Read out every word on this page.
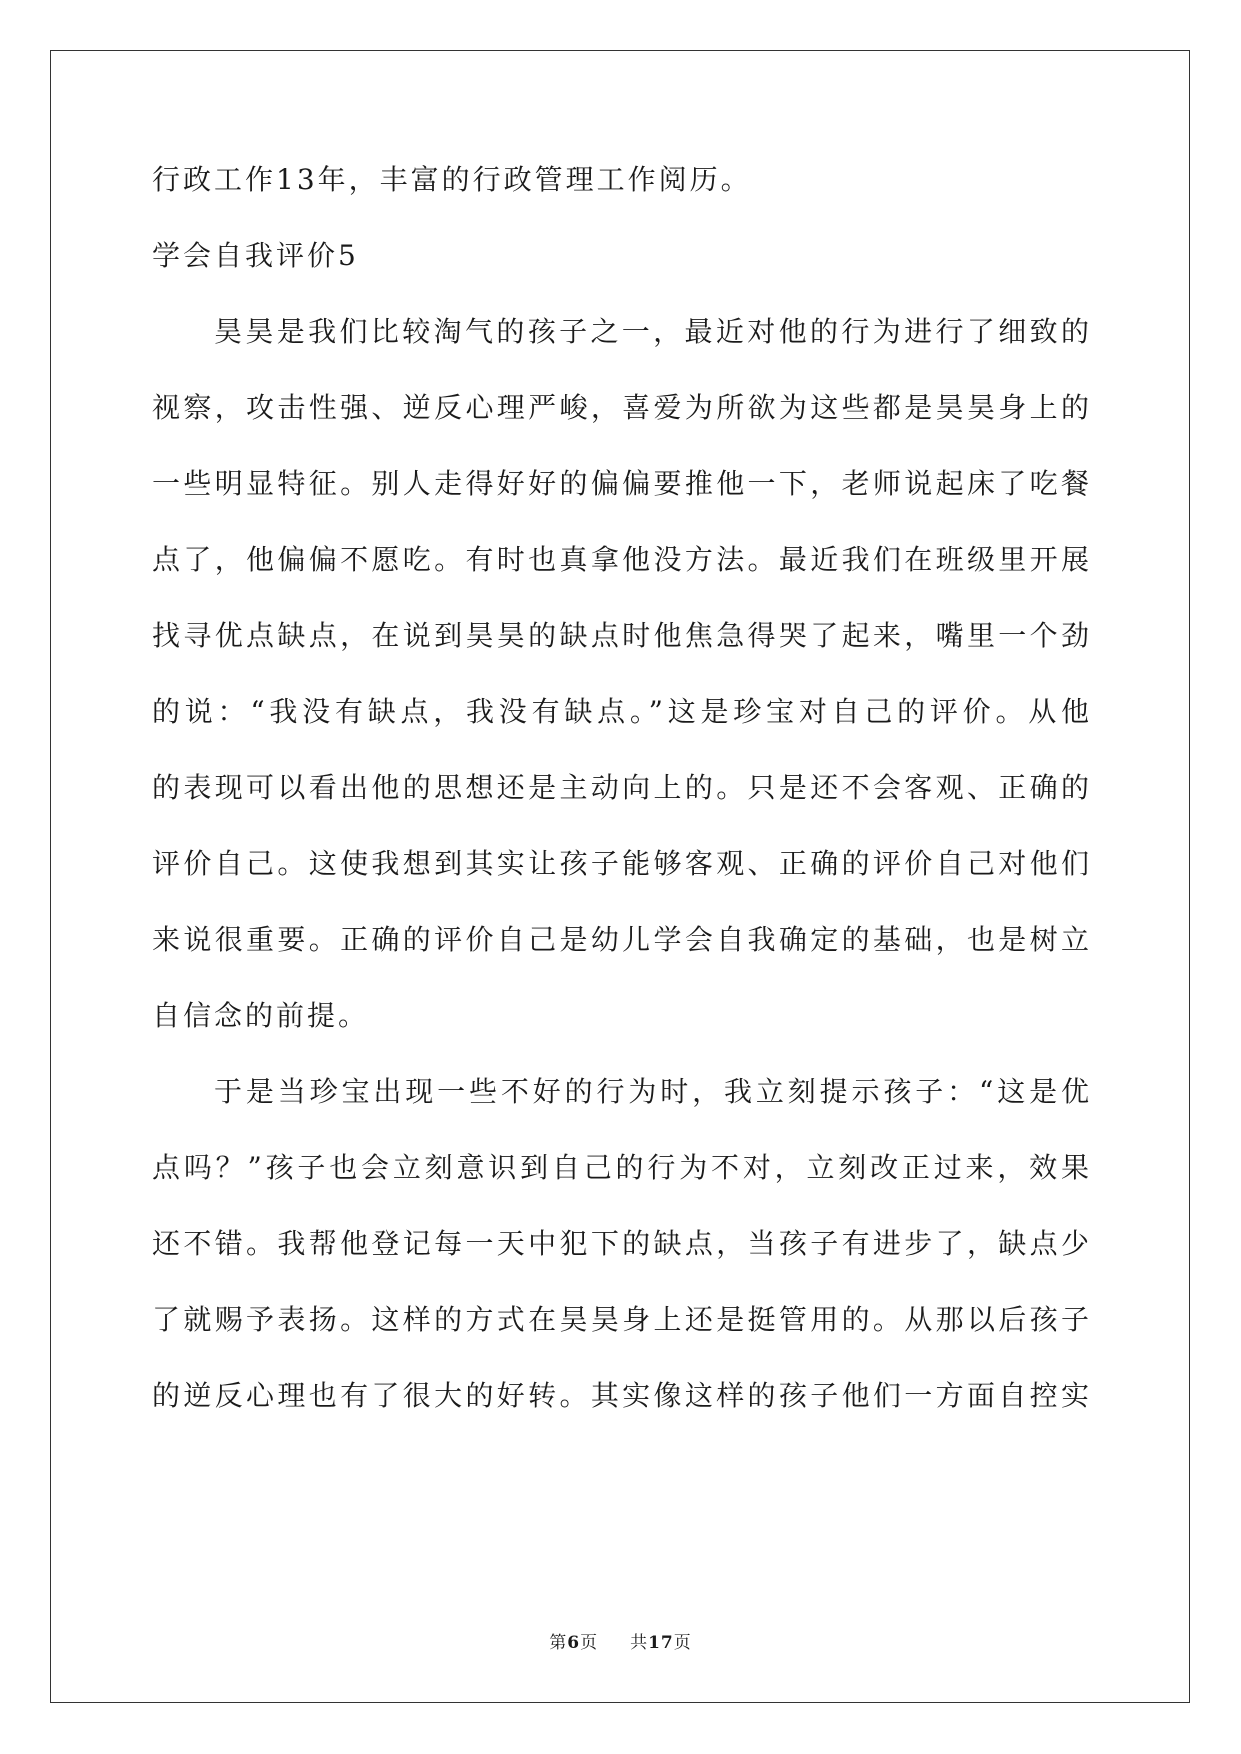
行政工作13年，丰富的行政管理工作阅历。
学会自我评价5
昊昊是我们比较淘气的孩子之一，最近对他的行为进行了细致的
视察，攻击性强、逆反心理严峻，喜爱为所欲为这些都是昊昊身上的
一些明显特征。别人走得好好的偏偏要推他一下，老师说起床了吃餐
点了，他偏偏不愿吃。有时也真拿他没方法。最近我们在班级里开展
找寻优点缺点，在说到昊昊的缺点时他焦急得哭了起来，嘴里一个劲
的说：“我没有缺点，我没有缺点。”这是珍宝对自己的评价。从他
的表现可以看出他的思想还是主动向上的。只是还不会客观、正确的
评价自己。这使我想到其实让孩子能够客观、正确的评价自己对他们
来说很重要。正确的评价自己是幼儿学会自我确定的基础，也是树立
自信念的前提。
于是当珍宝出现一些不好的行为时，我立刻提示孩子：“这是优
点吗？”孩子也会立刻意识到自己的行为不对，立刻改正过来，效果
还不错。我帮他登记每一天中犯下的缺点，当孩子有进步了，缺点少
了就赐予表扬。这样的方式在昊昊身上还是挺管用的。从那以后孩子
的逆反心理也有了很大的好转。其实像这样的孩子他们一方面自控实
第6页 共17页
